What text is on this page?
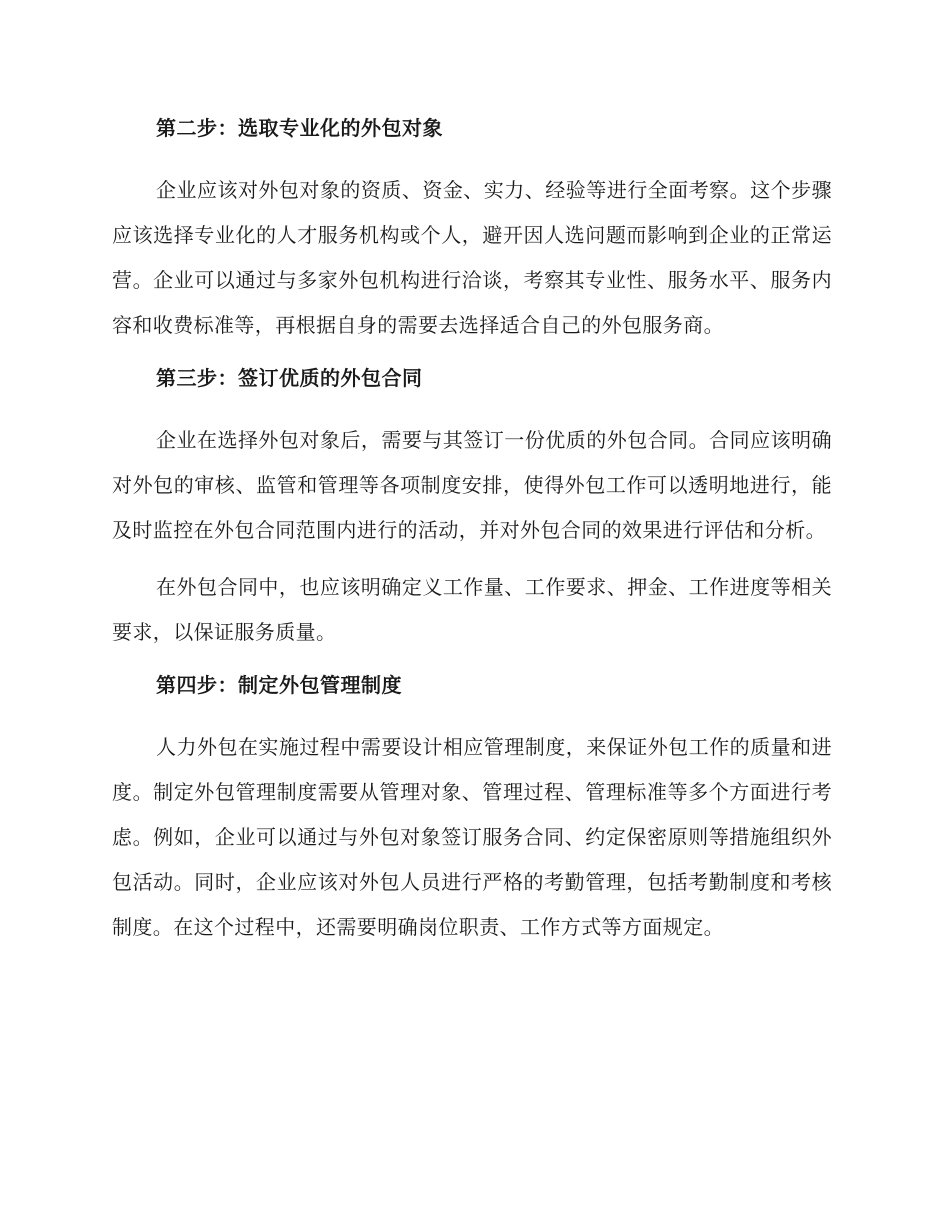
第二步：选取专业化的外包对象

企业应该对外包对象的资质、资金、实力、经验等进行全面考察。这个步骤应该选择专业化的人才服务机构或个人，避开因人选问题而影响到企业的正常运营。企业可以通过与多家外包机构进行洽谈，考察其专业性、服务水平、服务内容和收费标准等，再根据自身的需要去选择适合自己的外包服务商。

第三步：签订优质的外包合同

企业在选择外包对象后，需要与其签订一份优质的外包合同。合同应该明确对外包的审核、监管和管理等各项制度安排，使得外包工作可以透明地进行，能及时监控在外包合同范围内进行的活动，并对外包合同的效果进行评估和分析。

在外包合同中，也应该明确定义工作量、工作要求、押金、工作进度等相关要求，以保证服务质量。

第四步：制定外包管理制度

人力外包在实施过程中需要设计相应管理制度，来保证外包工作的质量和进度。制定外包管理制度需要从管理对象、管理过程、管理标准等多个方面进行考虑。例如，企业可以通过与外包对象签订服务合同、约定保密原则等措施组织外包活动。同时，企业应该对外包人员进行严格的考勤管理，包括考勤制度和考核制度。在这个过程中，还需要明确岗位职责、工作方式等方面规定。
